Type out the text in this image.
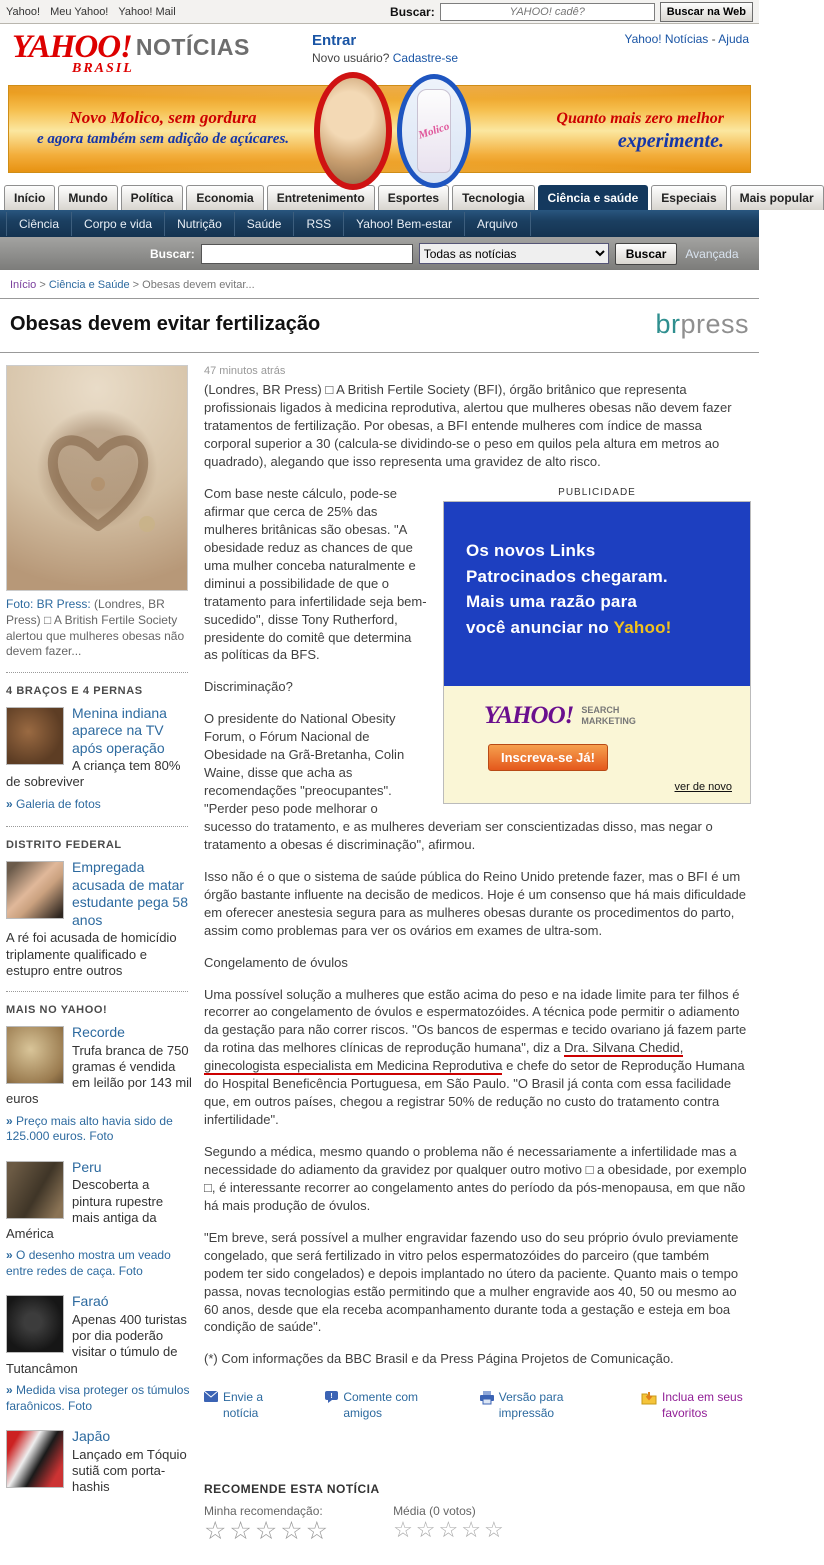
Yahoo! Meu Yahoo! Yahoo! Mail	Buscar:
YAHOO! cadê?	Buscar na Web
YAHOO! NOTÍCIAS
BRASIL
Entrar
Novo usuário? Cadastre-se
Yahoo! Notícias - Ajuda
Novo Molico, sem gordura
e agora também sem adição de açúcares.	Molico
Quanto mais zero melhor
experimente.
Início	Mundo	Política	Economia	Entretenimento	Esportes	Tecnologia	Ciência e saúde	Especiais	Mais popular
Ciência	Corpo e vida	Nutrição	Saúde	RSS	Yahoo! Bem-estar	Arquivo
Buscar:
Todas as notícias	Buscar	Avançada
Início > Ciência e Saúde > Obesas devem evitar...
Obesas devem evitar fertilização	brpress
Foto: BR Press: (Londres, BR Press) □ A British Fertile Society alertou que mulheres obesas não devem fazer...
4 BRAÇOS E 4 PERNAS
Menina indiana aparece na TV após operação
A criança tem 80% de sobreviver
» Galeria de fotos
DISTRITO FEDERAL
Empregada acusada de matar estudante pega 58 anos
A ré foi acusada de homicídio triplamente qualificado e estupro entre outros
MAIS NO YAHOO!
Recorde
Trufa branca de 750 gramas é vendida em leilão por 143 mil euros
» Preço mais alto havia sido de 125.000 euros. Foto
Peru
Descoberta a pintura rupestre mais antiga da América
» O desenho mostra um veado entre redes de caça. Foto
Faraó
Apenas 400 turistas por dia poderão visitar o túmulo de Tutancâmon
» Medida visa proteger os túmulos faraônicos. Foto
Japão
Lançado em Tóquio sutiã com porta-hashis
47 minutos atrás

(Londres, BR Press) □ A British Fertile Society (BFI), órgão britânico que representa profissionais ligados à medicina reprodutiva, alertou que mulheres obesas não devem fazer tratamentos de fertilização. Por obesas, a BFI entende mulheres com índice de massa corporal superior a 30 (calcula-se dividindo-se o peso em quilos pela altura em metros ao quadrado), alegando que isso representa uma gravidez de alto risco.

PUBLICIDADE
Os novos Links
Patrocinados chegaram.
Mais uma razão para
você anunciar no Yahoo!
YAHOO! SEARCH
MARKETING
Inscreva-se Já!
ver de novo

Com base neste cálculo, pode-se afirmar que cerca de 25% das mulheres britânicas são obesas. "A obesidade reduz as chances de que uma mulher conceba naturalmente e diminui a possibilidade de que o tratamento para infertilidade seja bem-sucedido", disse Tony Rutherford, presidente do comitê que determina as políticas da BFS.

Discriminação?

O presidente do National Obesity Forum, o Fórum Nacional de Obesidade na Grã-Bretanha, Colin Waine, disse que acha as recomendações "preocupantes". "Perder peso pode melhorar o sucesso do tratamento, e as mulheres deveriam ser conscientizadas disso, mas negar o tratamento a obesas é discriminação", afirmou.

Isso não é o que o sistema de saúde pública do Reino Unido pretende fazer, mas o BFI é um órgão bastante influente na decisão de medicos. Hoje é um consenso que há mais dificuldade em oferecer anestesia segura para as mulheres obesas durante os procedimentos do parto, assim como problemas para ver os ovários em exames de ultra-som.

Congelamento de óvulos

Uma possível solução a mulheres que estão acima do peso e na idade limite para ter filhos é recorrer ao congelamento de óvulos e espermatozóides. A técnica pode permitir o adiamento da gestação para não correr riscos. "Os bancos de espermas e tecido ovariano já fazem parte da rotina das melhores clínicas de reprodução humana", diz a Dra. Silvana Chedid, ginecologista especialista em Medicina Reprodutiva e chefe do setor de Reprodução Humana do Hospital Beneficência Portuguesa, em São Paulo. "O Brasil já conta com essa facilidade que, em outros países, chegou a registrar 50% de redução no custo do tratamento contra infertilidade".

Segundo a médica, mesmo quando o problema não é necessariamente a infertilidade mas a necessidade do adiamento da gravidez por qualquer outro motivo □ a obesidade, por exemplo □, é interessante recorrer ao congelamento antes do período da pós-menopausa, em que não há mais produção de óvulos.

"Em breve, será possível a mulher engravidar fazendo uso do seu próprio óvulo previamente congelado, que será fertilizado in vitro pelos espermatozóides do parceiro (que também podem ter sido congelados) e depois implantado no útero da paciente. Quanto mais o tempo passa, novas tecnologias estão permitindo que a mulher engravide aos 40, 50 ou mesmo ao 60 anos, desde que ela receba acompanhamento durante toda a gestação e esteja em boa condição de saúde".

(*) Com informações da BBC Brasil e da Press Página Projetos de Comunicação.

Envie a notícia
! Comente com amigos
Versão para impressão
Inclua em seus favoritos
RECOMENDE ESTA NOTÍCIA
Minha recomendação:
☆☆☆☆☆
Média (0 votos)
☆☆☆☆☆
